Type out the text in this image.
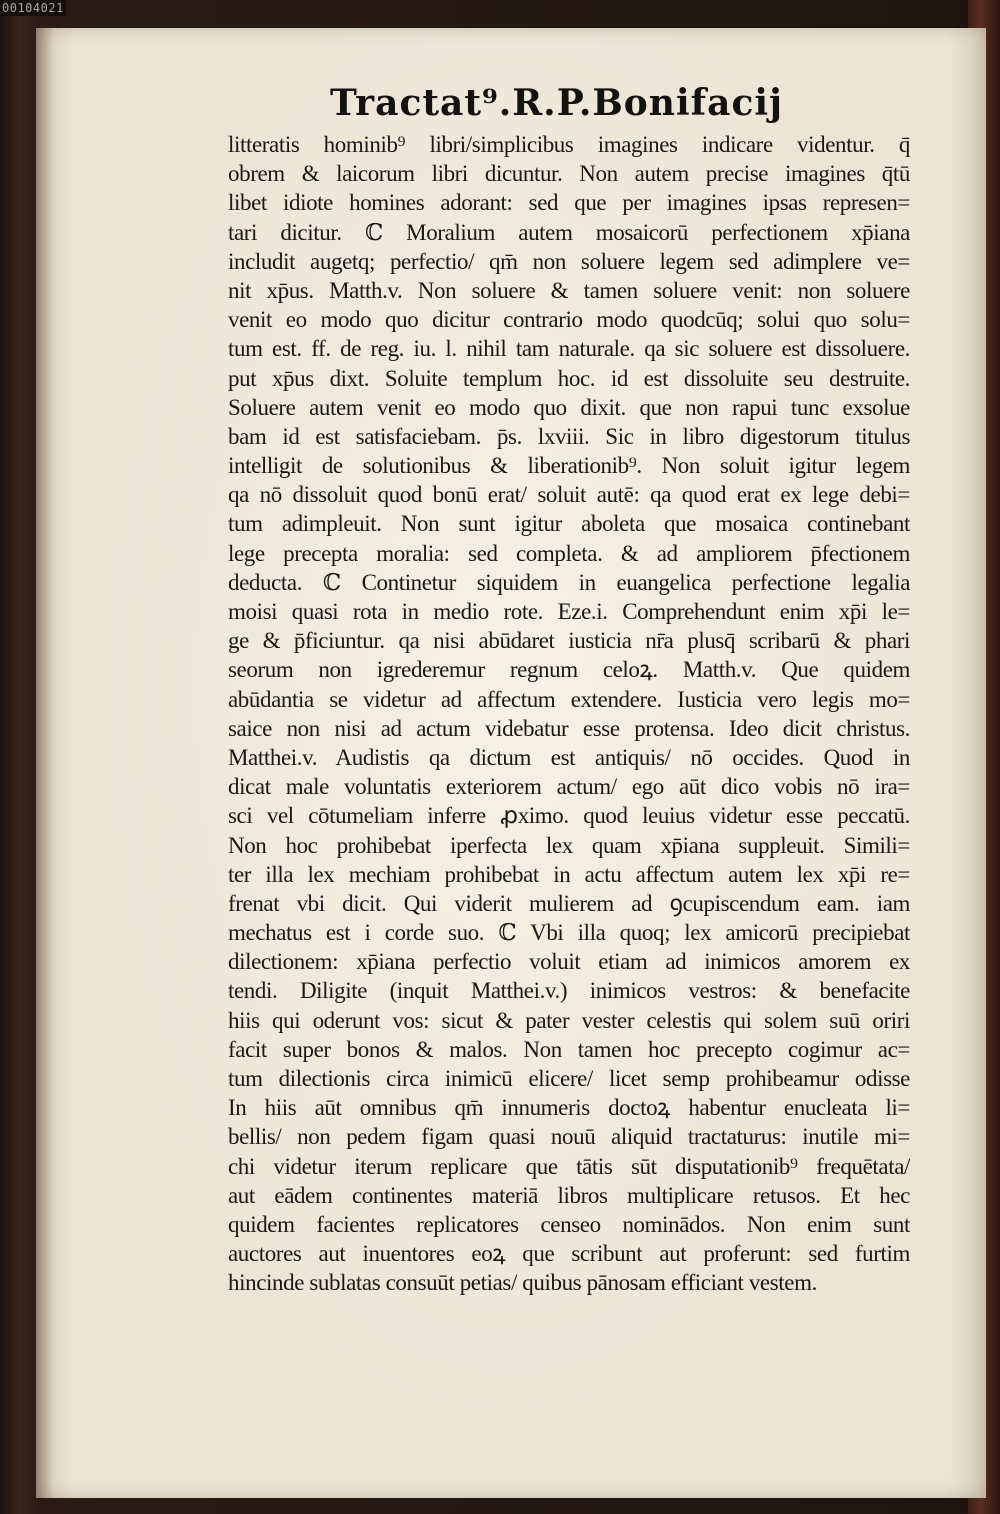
00104021
Tractat⁹.R.P.Bonifacij
litteratis hominib⁹ libri/simplicibus imagines indicare videntur. q̄
obrem & laicorum libri dicuntur. Non autem precise imagines q̄tū
libet idiote homines adorant: sed que per imagines ipsas represen=
tari dicitur. ℂ Moralium autem mosaicorū perfectionem xp̄iana
includit augetq; perfectio/ qm̄ non soluere legem sed adimplere ve=
nit xp̄us. Matth.v. Non soluere & tamen soluere venit: non soluere
venit eo modo quo dicitur contrario modo quodcūq; solui quo solu=
tum est. ff. de reg. iu. l. nihil tam naturale. qa sic soluere est dissoluere.
put xp̄us dixt. Soluite templum hoc. id est dissoluite seu destruite.
Soluere autem venit eo modo quo dixit. que non rapui tunc exsolue
bam id est satisfaciebam. p̄s. lxviii. Sic in libro digestorum titulus
intelligit de solutionibus & liberationib⁹. Non soluit igitur legem
qa nō dissoluit quod bonū erat/ soluit autē: qa quod erat ex lege debi=
tum adimpleuit. Non sunt igitur aboleta que mosaica continebant
lege precepta moralia: sed completa. & ad ampliorem p̄fectionem
deducta. ℂ Continetur siquidem in euangelica perfectione legalia
moisi quasi rota in medio rote. Eze.i. Comprehendunt enim xp̄i le=
ge & p̄ficiuntur. qa nisi abūdaret iusticia nr̄a plusq̄ scribarū & phari
seorum non igrederemur regnum celoꝝ. Matth.v. Que quidem
abūdantia se videtur ad affectum extendere. Iusticia vero legis mo=
saice non nisi ad actum videbatur esse protensa. Ideo dicit christus.
Matthei.v. Audistis qa dictum est antiquis/ nō occides. Quod in
dicat male voluntatis exteriorem actum/ ego aūt dico vobis nō ira=
sci vel cōtumeliam inferre ꝓximo. quod leuius videtur esse peccatū.
Non hoc prohibebat iperfecta lex quam xp̄iana suppleuit. Simili=
ter illa lex mechiam prohibebat in actu affectum autem lex xp̄i re=
frenat vbi dicit. Qui viderit mulierem ad ꝯcupiscendum eam. iam
mechatus est i corde suo. ℂ Vbi illa quoq; lex amicorū precipiebat
dilectionem: xp̄iana perfectio voluit etiam ad inimicos amorem ex
tendi. Diligite (inquit Matthei.v.) inimicos vestros: & benefacite
hiis qui oderunt vos: sicut & pater vester celestis qui solem suū oriri
facit super bonos & malos. Non tamen hoc precepto cogimur ac=
tum dilectionis circa inimicū elicere/ licet semp prohibeamur odisse
In hiis aūt omnibus qm̄ innumeris doctoꝝ habentur enucleata li=
bellis/ non pedem figam quasi nouū aliquid tractaturus: inutile mi=
chi videtur iterum replicare que tātis sūt disputationib⁹ frequētata/
aut eādem continentes materiā libros multiplicare retusos. Et hec
quidem facientes replicatores censeo nominādos. Non enim sunt
auctores aut inuentores eoꝝ que scribunt aut proferunt: sed furtim
hincinde sublatas consuūt petias/ quibus pānosam efficiant vestem.
